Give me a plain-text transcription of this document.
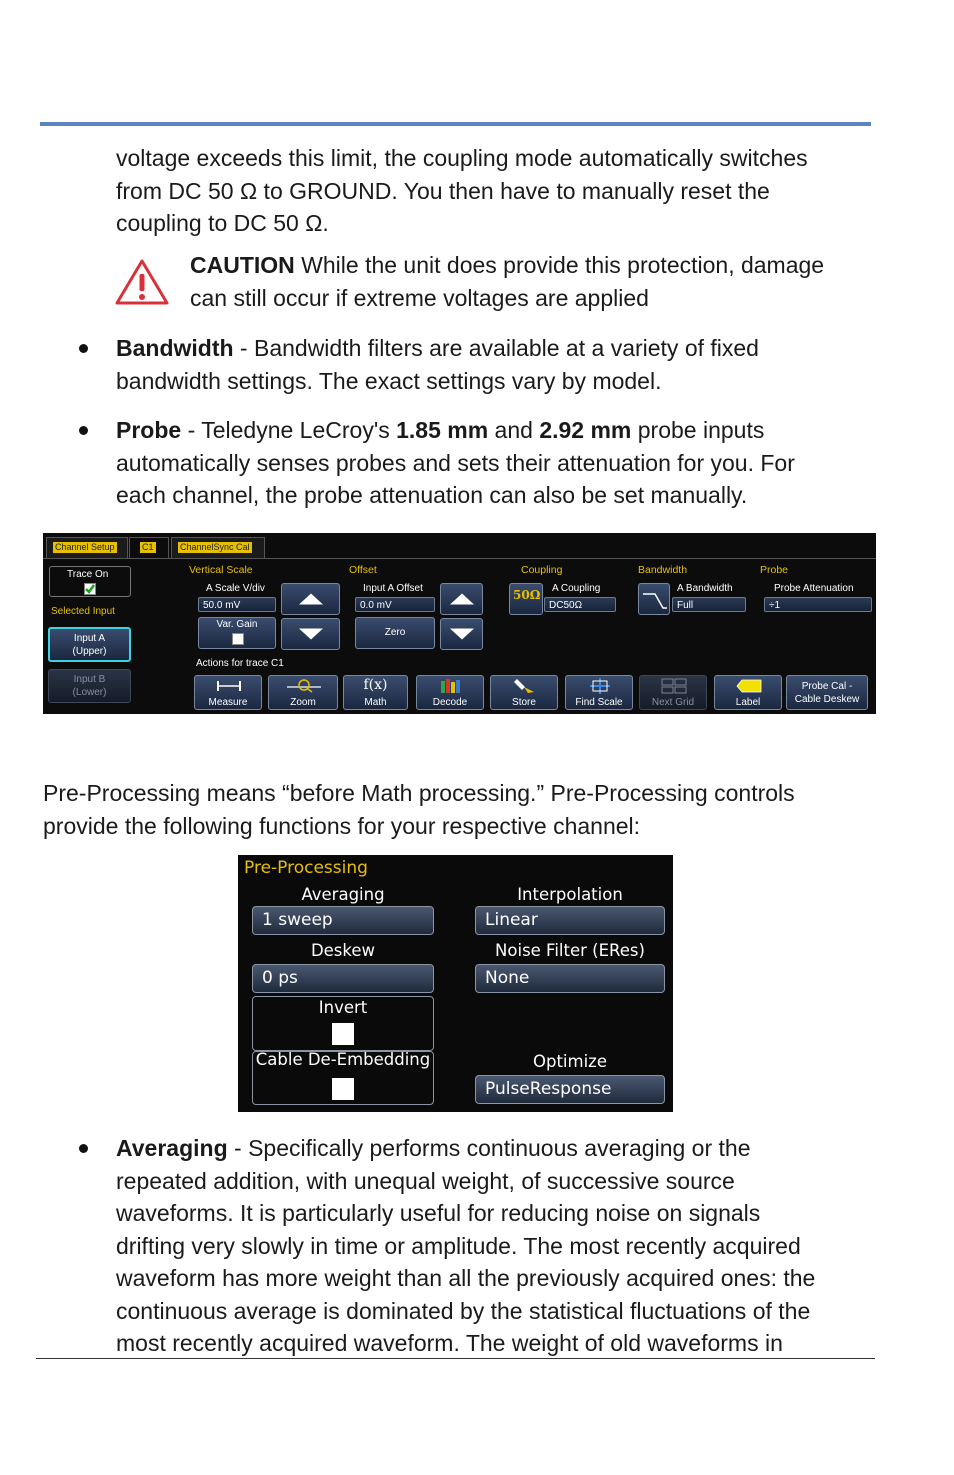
voltage exceeds this limit, the coupling mode automatically switches
from DC 50 Ω to GROUND. You then have to manually reset the
coupling to DC 50 Ω.
CAUTION While the unit does provide this protection, damage
can still occur if extreme voltages are applied
Bandwidth - Bandwidth filters are available at a variety of fixed
bandwidth settings. The exact settings vary by model.
Probe - Teledyne LeCroy's 1.85 mm and 2.92 mm probe inputs
automatically senses probes and sets their attenuation for you. For
each channel, the probe attenuation can also be set manually.
Channel Setup	C1	ChannelSync Cal
Trace On
Selected Input
Input A
(Upper)
Input B
(Lower)
Vertical Scale
A Scale V/div
50.0 mV
Var. Gain
Offset
Input A Offset
0.0 mV
Zero
Coupling
50Ω A Coupling
DC50Ω
Bandwidth
A Bandwidth
Full
Probe
Probe Attenuation
÷1
Actions for trace C1
Measure	Zoom
f(x)
Math	Decode	Store	Find Scale	Next Grid	Label
Probe Cal -
Cable Deskew
Pre-Processing means “before Math processing.” Pre-Processing controls
provide the following functions for your respective channel:
Pre-Processing
Averaging
1 sweep
Interpolation
Linear
Deskew
0 ps
Noise Filter (ERes)
None
Invert
Cable De-Embedding	Optimize
PulseResponse
Averaging - Specifically performs continuous averaging or the
repeated addition, with unequal weight, of successive source
waveforms. It is particularly useful for reducing noise on signals
drifting very slowly in time or amplitude. The most recently acquired
waveform has more weight than all the previously acquired ones: the
continuous average is dominated by the statistical fluctuations of the
most recently acquired waveform. The weight of old waveforms in
